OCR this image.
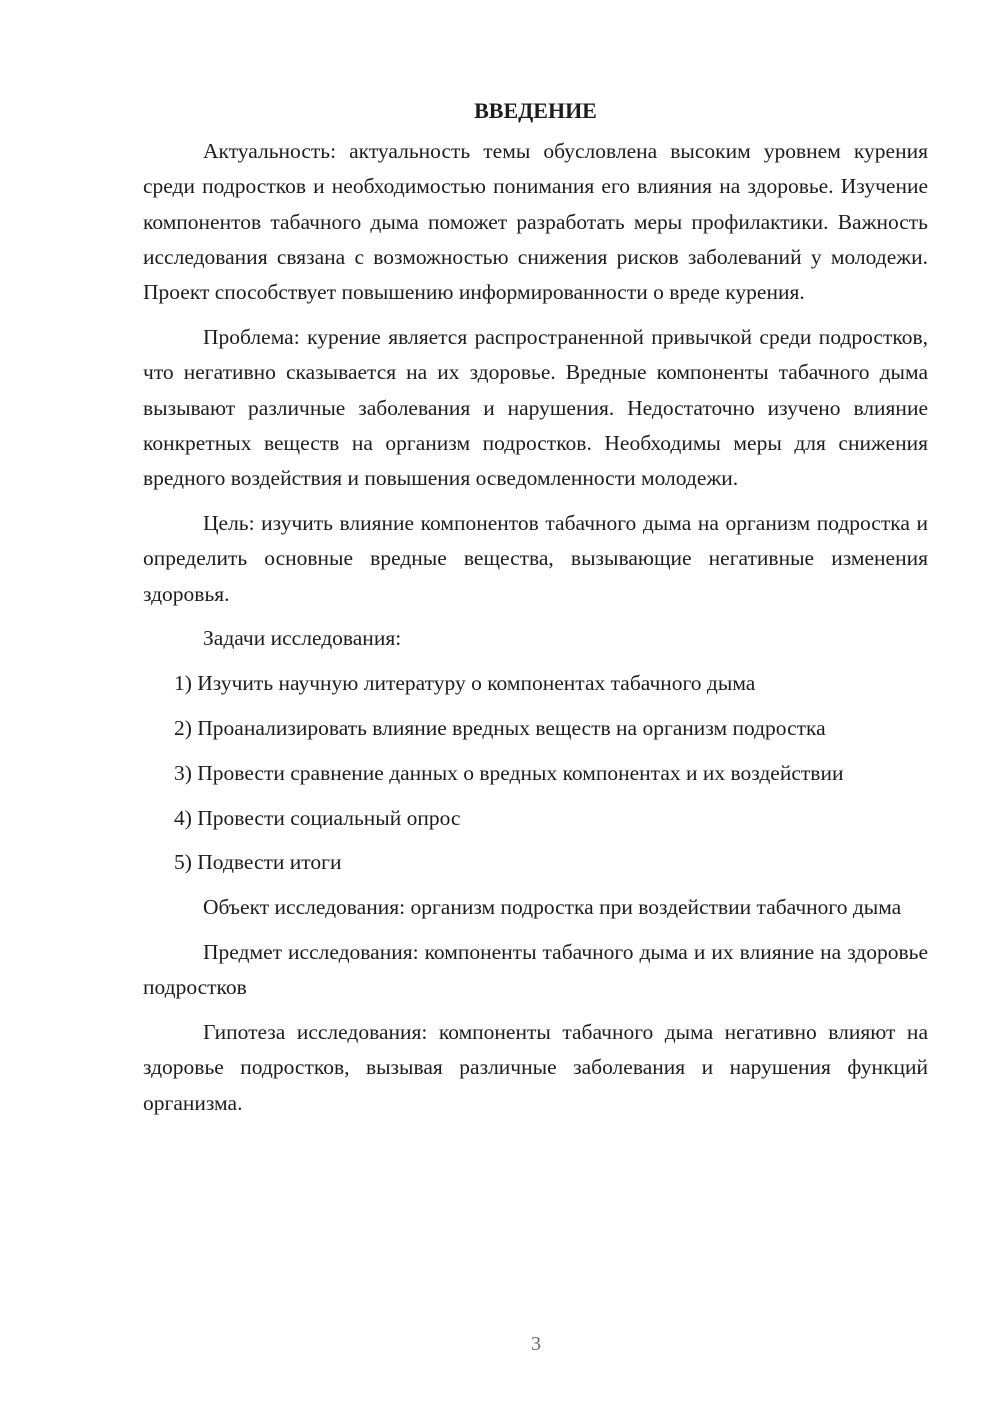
ВВЕДЕНИЕ

Актуальность: актуальность темы обусловлена высоким уровнем курения среди подростков и необходимостью понимания его влияния на здоровье. Изучение компонентов табачного дыма поможет разработать меры профилактики. Важность исследования связана с возможностью снижения рисков заболеваний у молодежи. Проект способствует повышению информированности о вреде курения.

Проблема: курение является распространенной привычкой среди подростков, что негативно сказывается на их здоровье. Вредные компоненты табачного дыма вызывают различные заболевания и нарушения. Недостаточно изучено влияние конкретных веществ на организм подростков. Необходимы меры для снижения вредного воздействия и повышения осведомленности молодежи.

Цель: изучить влияние компонентов табачного дыма на организм подростка и определить основные вредные вещества, вызывающие негативные изменения здоровья.

Задачи исследования:

1) Изучить научную литературу о компонентах табачного дыма

2) Проанализировать влияние вредных веществ на организм подростка

3) Провести сравнение данных о вредных компонентах и их воздействии

4) Провести социальный опрос

5) Подвести итоги

Объект исследования: организм подростка при воздействии табачного дыма

Предмет исследования: компоненты табачного дыма и их влияние на здоровье подростков

Гипотеза исследования: компоненты табачного дыма негативно влияют на здоровье подростков, вызывая различные заболевания и нарушения функций организма.

3
